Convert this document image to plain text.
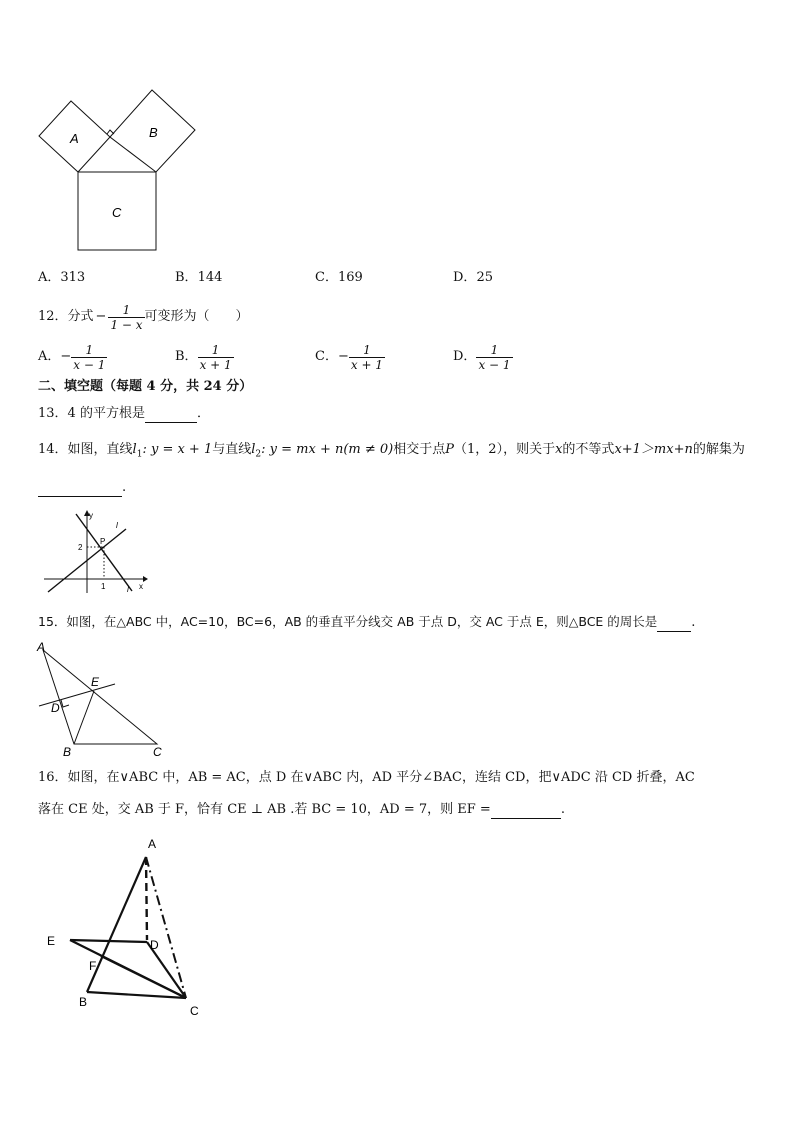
A	B
C
A．313	B．144	C．169	D．25
12．分式 − $\frac{1}{1 - x}$ 可变形为（　　）
A． − $\frac{1}{x - 1}$	B． $\frac{1}{x + 1}$	C． − $\frac{1}{x + 1}$	D． $\frac{1}{x - 1}$
二、填空题（每题 4 分，共 24 分）
13．4 的平方根是	．
14．如图，直线$l_1$: y = x + 1与直线$l_2$: y = mx + n(m ≠ 0)相交于点P（1，2），则关于x的不等式x+1＞mx+n的解集为
.
y
x
2
1
P
l
l
15．如图，在△ABC 中，AC=10，BC=6，AB 的垂直平分线交 AB 于点 D，交 AC 于点 E，则△BCE 的周长是	.
A
B	C
D
E
16．如图，在∨ABC 中，AB = AC，点 D 在∨ABC 内，AD 平分∠BAC，连结 CD，把∨ADC 沿 CD 折叠，AC
落在 CE 处，交 AB 于 F，恰有 CE ⊥ AB .若 BC = 10，AD = 7，则 EF =	.
A
B
C
D
E
F
